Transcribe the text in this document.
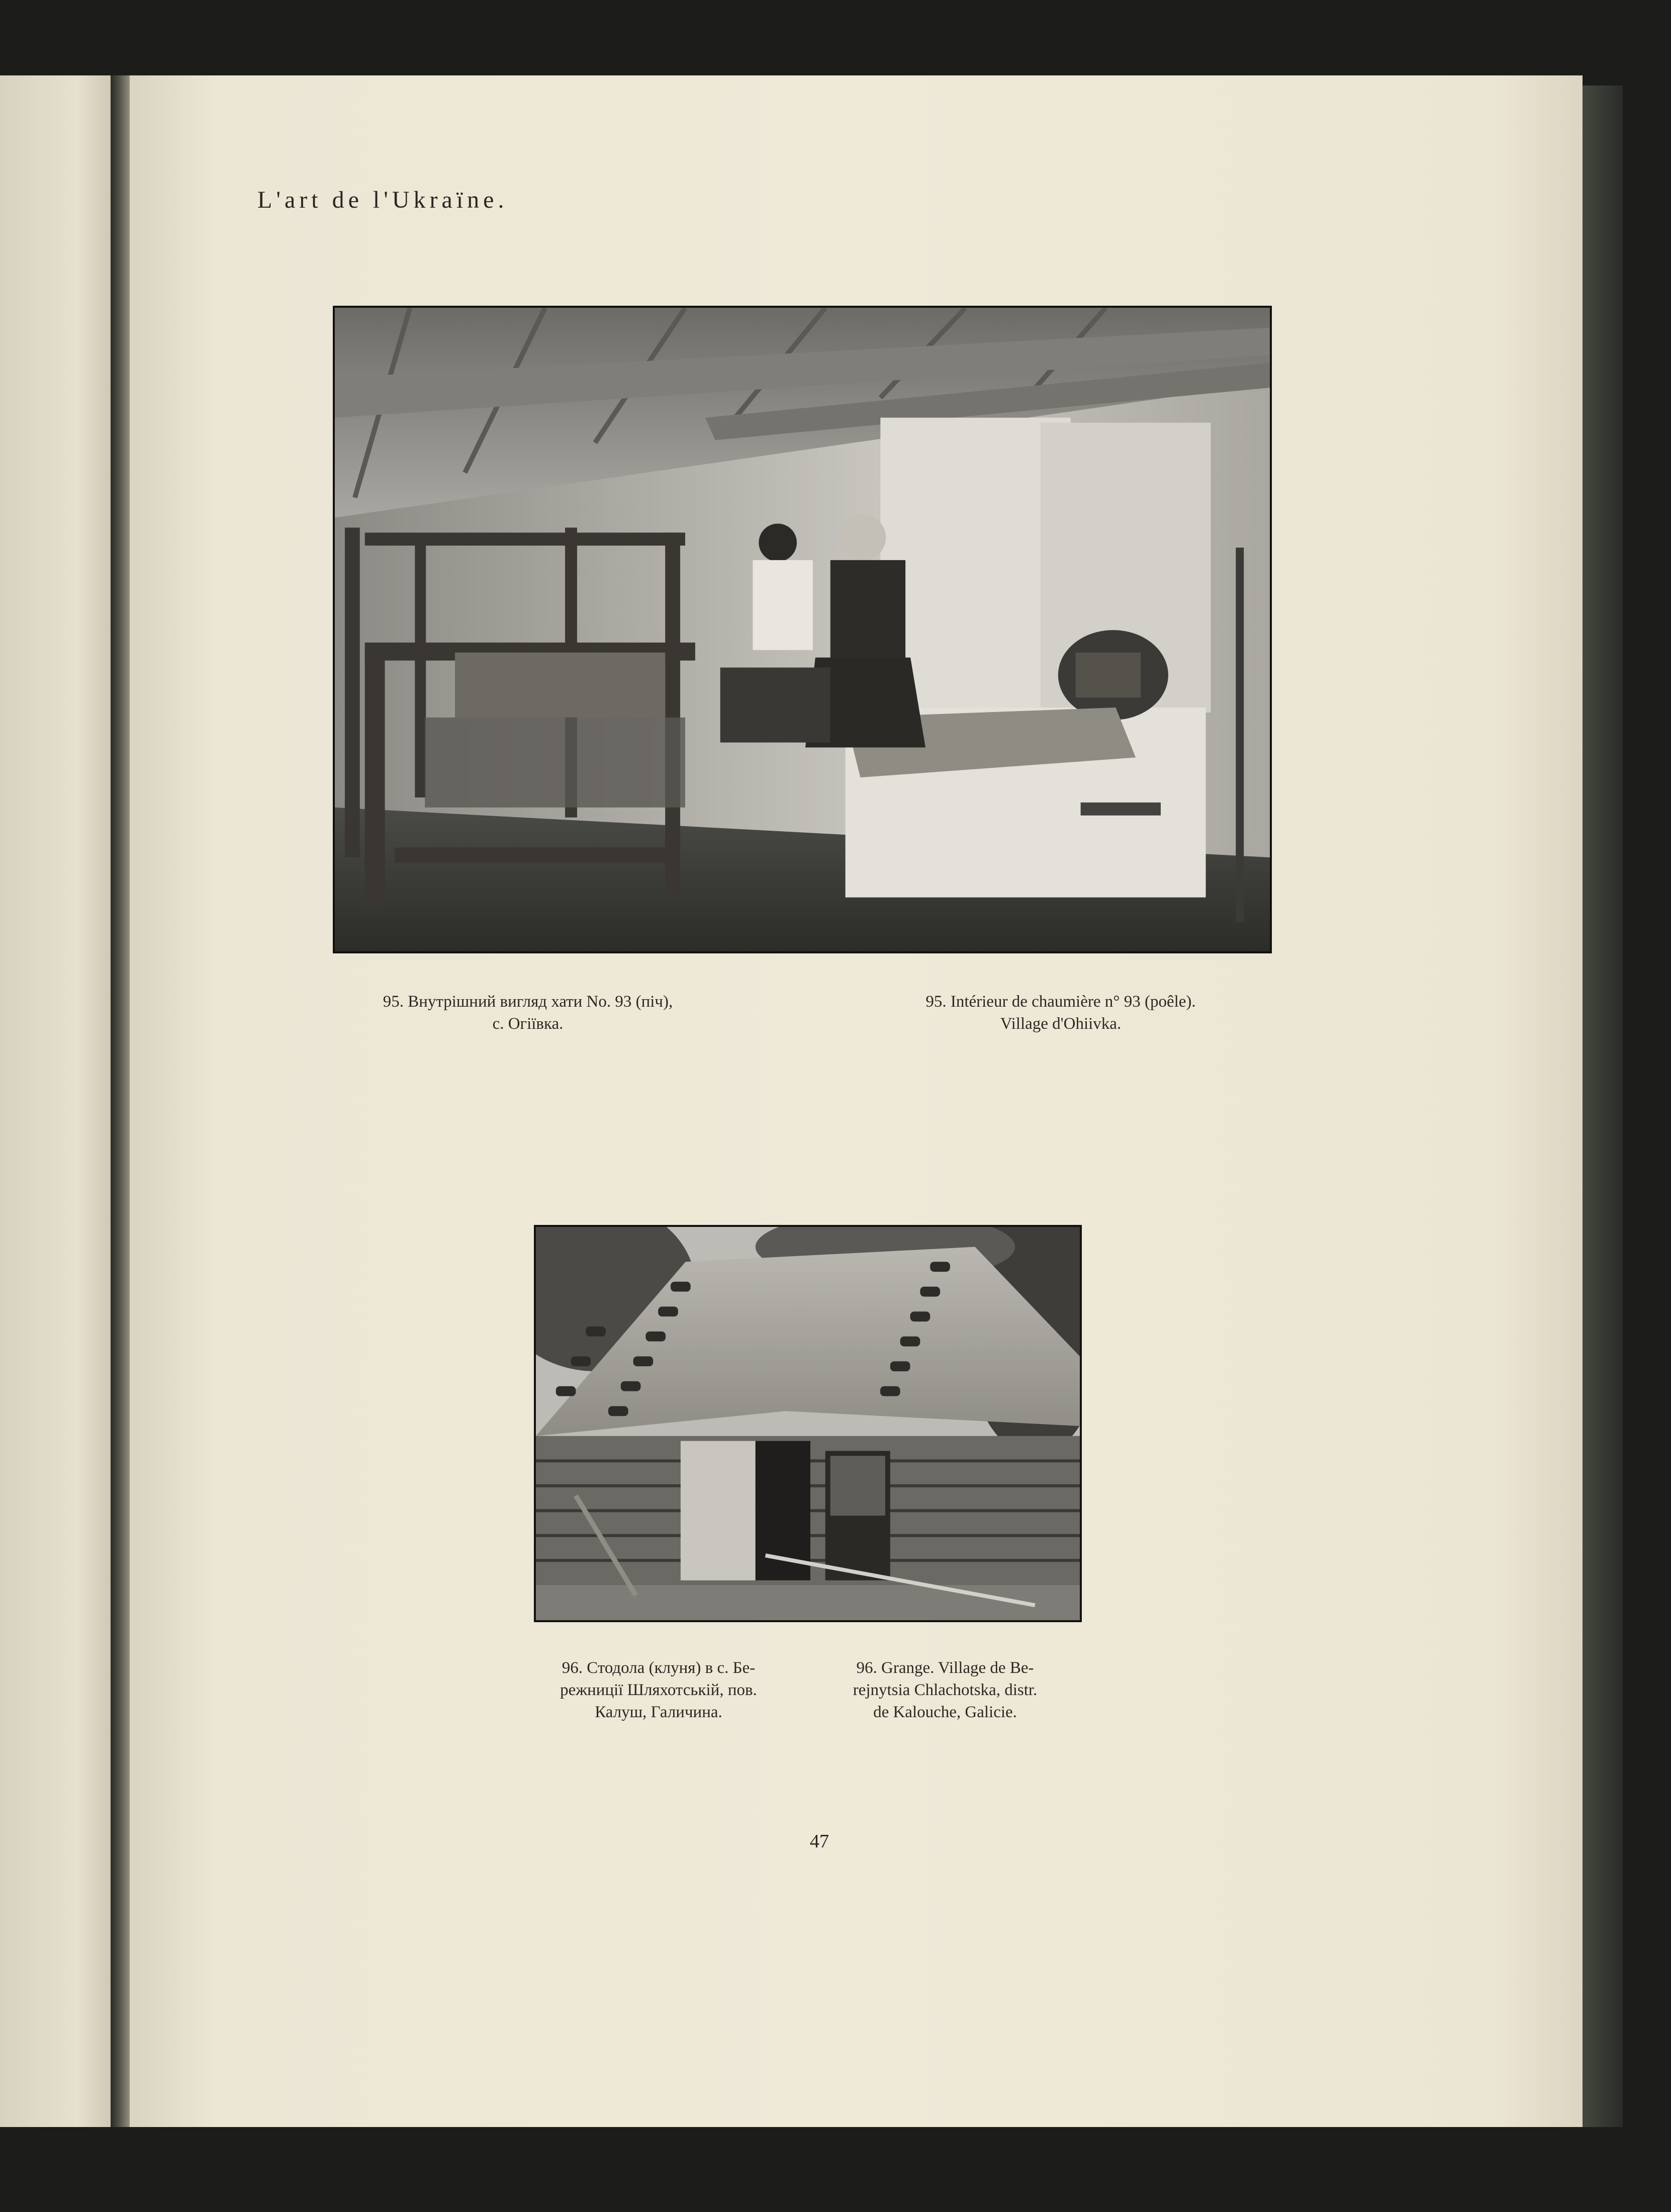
L'art de l'Ukraïne.
95. Внутрішний вигляд хати No. 93 (піч),
с. Огіївка.
95. Intérieur de chaumière n° 93 (poêle).
Village d'Ohiivka.
96. Стодола (клуня) в с. Бе-
режниції Шляхотській, пов.
Калуш, Галичина.
96. Grange. Village de Be-
rejnytsia Chlachotska, distr.
de Kalouche, Galicie.
47
